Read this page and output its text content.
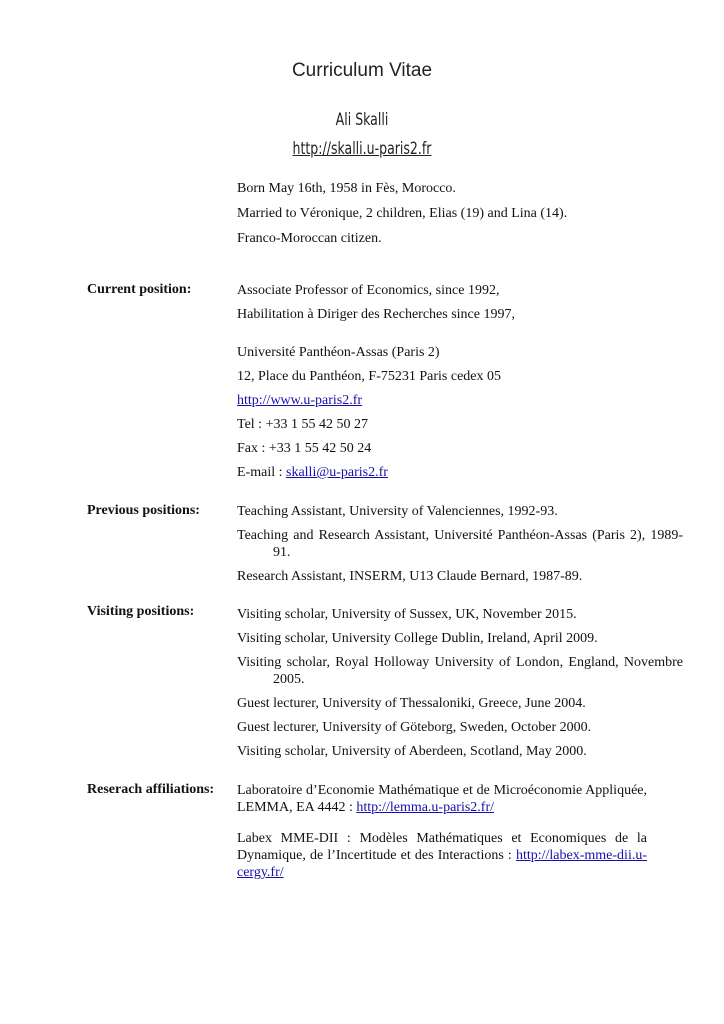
Curriculum Vitae
Ali Skalli
http://skalli.u-paris2.fr
Born May 16th, 1958 in Fès, Morocco.
Married to Véronique, 2 children, Elias (19) and Lina (14).
Franco-Moroccan citizen.
Current position:	Associate Professor of Economics, since 1992,
Habilitation à Diriger des Recherches since 1997,
Université Panthéon-Assas (Paris 2)
12, Place du Panthéon, F-75231 Paris cedex 05
http://www.u-paris2.fr
Tel : +33 1 55 42 50 27
Fax : +33 1 55 42 50 24
E-mail : skalli@u-paris2.fr
Previous positions:	Teaching Assistant, University of Valenciennes, 1992-93.
Teaching and Research Assistant, Université Panthéon-Assas (Paris 2), 1989-91.
Research Assistant, INSERM, U13 Claude Bernard, 1987-89.
Visiting positions:	Visiting scholar, University of Sussex, UK, November 2015.
Visiting scholar, University College Dublin, Ireland, April 2009.
Visiting scholar, Royal Holloway University of London, England, Novembre 2005.
Guest lecturer, University of Thessaloniki, Greece, June 2004.
Guest lecturer, University of Göteborg, Sweden, October 2000.
Visiting scholar, University of Aberdeen, Scotland, May 2000.
Reserach affiliations: Laboratoire d’Economie Mathématique et de Microéconomie Appliquée, LEMMA, EA 4442 : http://lemma.u-paris2.fr/
Labex MME-DII : Modèles Mathématiques et Economiques de la Dynamique, de l’Incertitude et des Interactions : http://labex-mme-dii.u-cergy.fr/
